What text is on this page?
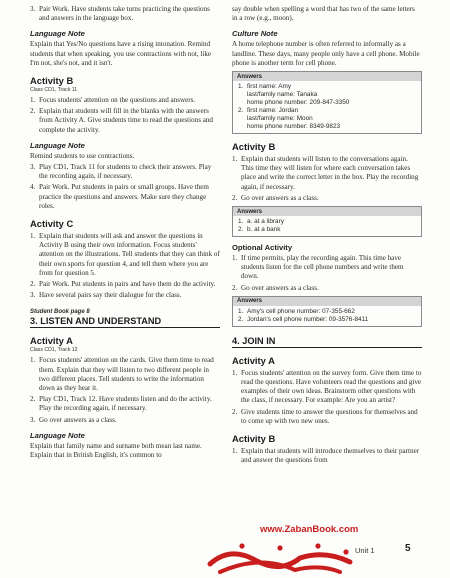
3. Pair Work. Have students take turns practicing the questions and answers in the language box.
Language Note

Explain that Yes/No questions have a rising intonation. Remind students that when speaking, you use contractions with not, like I'm not, she's not, and it isn't.

Activity B
Class CD1, Track 11
1. Focus students' attention on the questions and answers.
2. Explain that students will fill in the blanks with the answers from Activity A. Give students time to read the questions and complete the activity.
Language Note

Remind students to use contractions.

3. Play CD1, Track 11 for students to check their answers. Play the recording again, if necessary.
4. Pair Work. Put students in pairs or small groups. Have them practice the questions and answers. Make sure they change roles.
Activity C
1. Explain that students will ask and answer the questions in Activity B using their own information. Focus students' attention on the illustrations. Tell students that they can think of their own sports for question 4, and tell them where you are from for question 5.
2. Pair Work. Put students in pairs and have them do the activity.
3. Have several pairs say their dialogue for the class.
Student Book page 8
3. LISTEN AND UNDERSTAND
Activity A
Class CD1, Track 12
1. Focus students' attention on the cards. Give them time to read them. Explain that they will listen to two different people in two different places. Tell students to write the information down as they hear it.
2. Play CD1, Track 12. Have students listen and do the activity. Play the recording again, if necessary.
3. Go over answers as a class.
Language Note

Explain that family name and surname both mean last name. Explain that in British English, it's common to

say double when spelling a word that has two of the same letters in a row (e.g., moon).

Culture Note

A home telephone number is often referred to informally as a landline. These days, many people only have a cell phone. Mobile phone is another term for cell phone.

Answers
1. first name: Amy
last/family name: Tanaka
home phone number: 209-847-3350
2. first name: Jordan
last/family name: Moon
home phone number: 8349-9823
Activity B
1. Explain that students will listen to the conversations again. This time they will listen for where each conversation takes place and write the correct letter in the box. Play the recording again, if necessary.
2. Go over answers as a class.
Answers
1. a. at a library
2. b. at a bank
Optional Activity
1. If time permits, play the recording again. This time have students listen for the cell phone numbers and write them down.
2. Go over answers as a class.
Answers
1. Amy's cell phone number: 07-355-662
2. Jordan's cell phone number: 09-3576-8411
4. JOIN IN
Activity A
1. Focus students' attention on the survey form. Give them time to read the questions. Have volunteers read the questions and give examples of their own ideas. Brainstorm other questions with the class, if necessary. For example: Are you an artist?
2. Give students time to answer the questions for themselves and to come up with two new ones.
Activity B
1. Explain that students will introduce themselves to their partner and answer the questions from
www.ZabanBook.com
Unit 1	5
